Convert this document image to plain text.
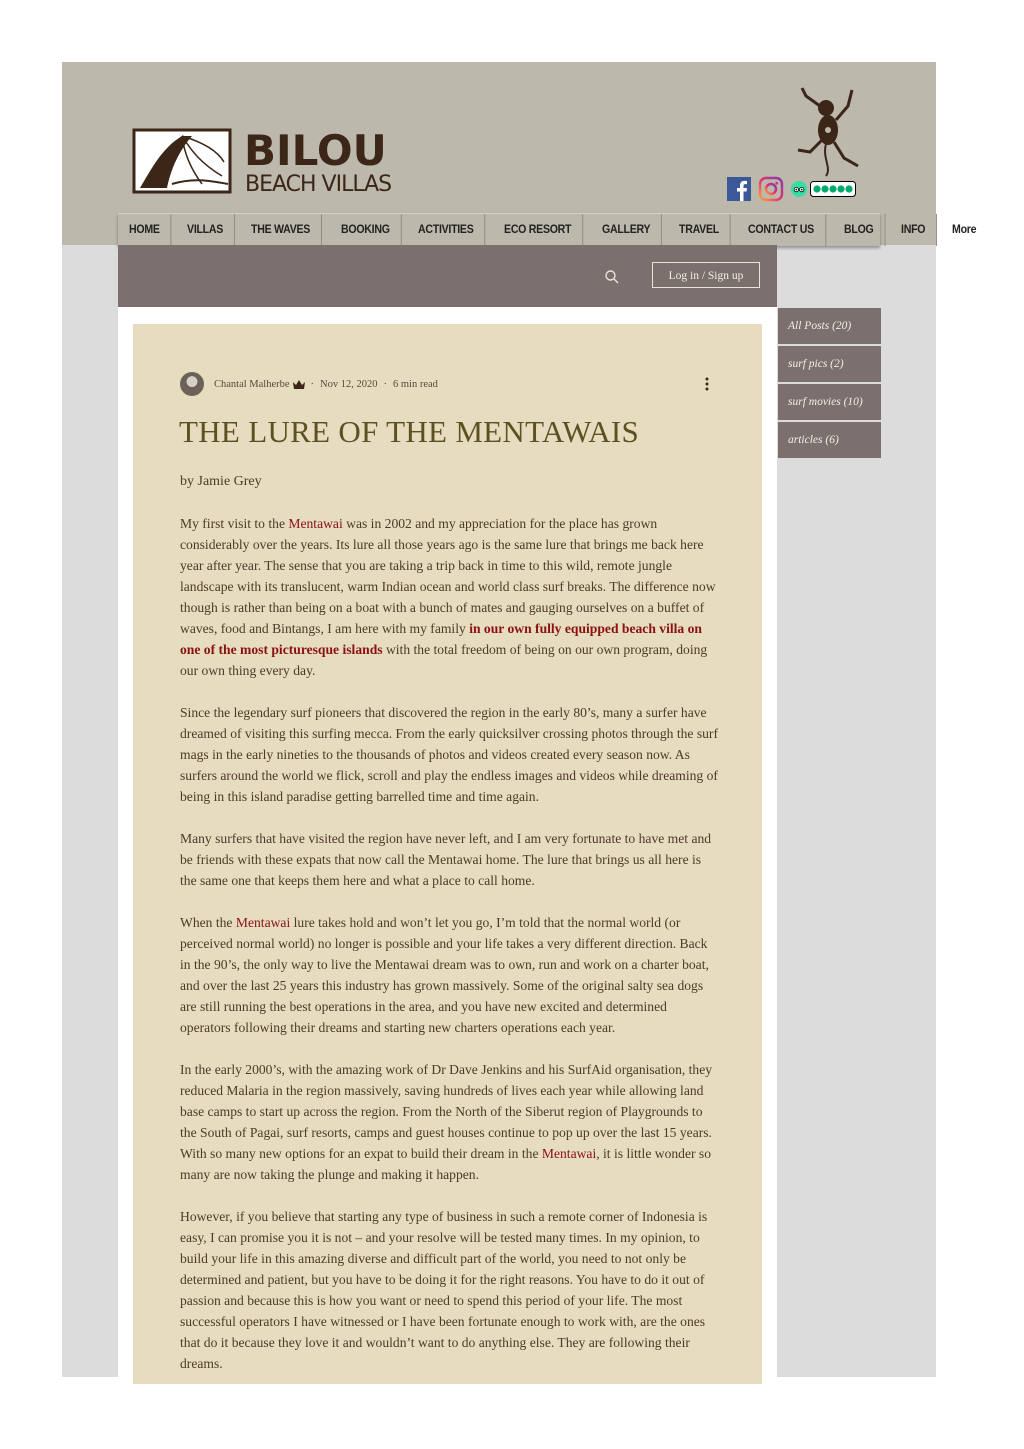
BILOU
BEACH VILLAS
HOME	VILLAS	THE WAVES	BOOKING	ACTIVITIES	ECO RESORT	GALLERY	TRAVEL	CONTACT US	BLOG	INFO	More
Log in / Sign up
All Posts (20)
surf pics (2)
surf movies (10)
articles (6)
Chantal Malherbe · Nov 12, 2020 · 6 min read
THE LURE OF THE MENTAWAIS

by Jamie Grey

My first visit to the Mentawai was in 2002 and my appreciation for the place has grown considerably over the years. Its lure all those years ago is the same lure that brings me back here year after year. The sense that you are taking a trip back in time to this wild, remote jungle landscape with its translucent, warm Indian ocean and world class surf breaks. The difference now though is rather than being on a boat with a bunch of mates and gauging ourselves on a buffet of waves, food and Bintangs, I am here with my family in our own fully equipped beach villa on one of the most picturesque islands with the total freedom of being on our own program, doing our own thing every day.

Since the legendary surf pioneers that discovered the region in the early 80’s, many a surfer have dreamed of visiting this surfing mecca. From the early quicksilver crossing photos through the surf mags in the early nineties to the thousands of photos and videos created every season now. As surfers around the world we flick, scroll and play the endless images and videos while dreaming of being in this island paradise getting barrelled time and time again.

Many surfers that have visited the region have never left, and I am very fortunate to have met and be friends with these expats that now call the Mentawai home. The lure that brings us all here is the same one that keeps them here and what a place to call home.

When the Mentawai lure takes hold and won’t let you go, I’m told that the normal world (or perceived normal world) no longer is possible and your life takes a very different direction. Back in the 90’s, the only way to live the Mentawai dream was to own, run and work on a charter boat, and over the last 25 years this industry has grown massively. Some of the original salty sea dogs are still running the best operations in the area, and you have new excited and determined operators following their dreams and starting new charters operations each year.

In the early 2000’s, with the amazing work of Dr Dave Jenkins and his SurfAid organisation, they reduced Malaria in the region massively, saving hundreds of lives each year while allowing land base camps to start up across the region. From the North of the Siberut region of Playgrounds to the South of Pagai, surf resorts, camps and guest houses continue to pop up over the last 15 years. With so many new options for an expat to build their dream in the Mentawai, it is little wonder so many are now taking the plunge and making it happen.

However, if you believe that starting any type of business in such a remote corner of Indonesia is easy, I can promise you it is not – and your resolve will be tested many times. In my opinion, to build your life in this amazing diverse and difficult part of the world, you need to not only be determined and patient, but you have to be doing it for the right reasons. You have to do it out of passion and because this is how you want or need to spend this period of your life. The most successful operators I have witnessed or I have been fortunate enough to work with, are the ones that do it because they love it and wouldn’t want to do anything else. They are following their dreams.
